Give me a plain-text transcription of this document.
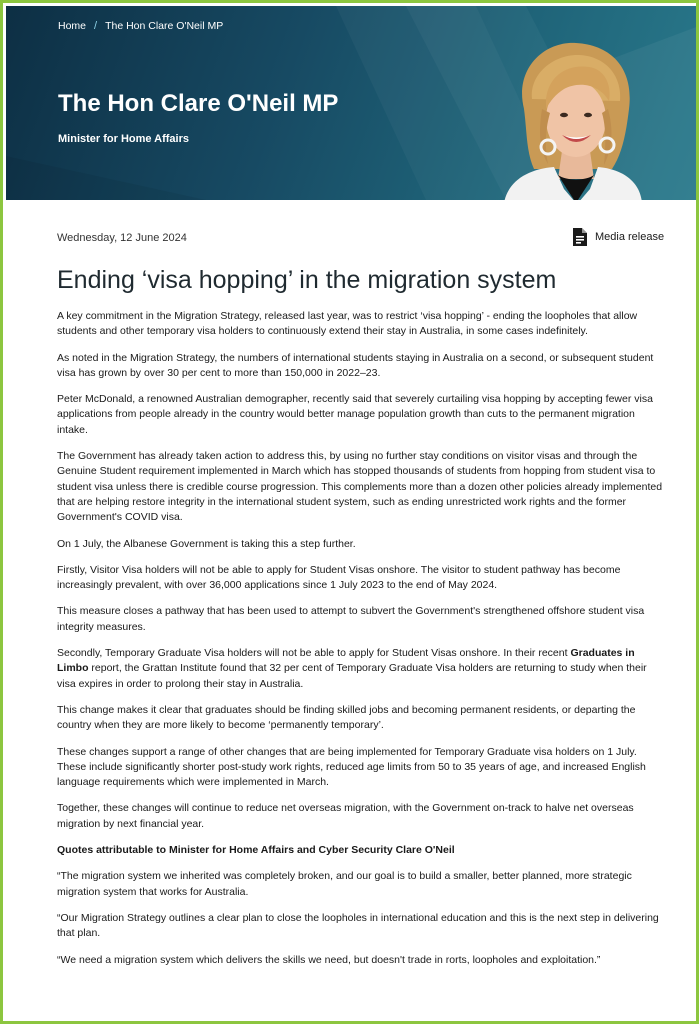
Home / The Hon Clare O'Neil MP
The Hon Clare O'Neil MP
Minister for Home Affairs
Wednesday, 12 June 2024	Media release
Ending ‘visa hopping’ in the migration system

A key commitment in the Migration Strategy, released last year, was to restrict ‘visa hopping’ - ending the loopholes that allow students and other temporary visa holders to continuously extend their stay in Australia, in some cases indefinitely.

As noted in the Migration Strategy, the numbers of international students staying in Australia on a second, or subsequent student visa has grown by over 30 per cent to more than 150,000 in 2022–23.

Peter McDonald, a renowned Australian demographer, recently said that severely curtailing visa hopping by accepting fewer visa applications from people already in the country would better manage population growth than cuts to the permanent migration intake.

The Government has already taken action to address this, by using no further stay conditions on visitor visas and through the Genuine Student requirement implemented in March which has stopped thousands of students from hopping from student visa to student visa unless there is credible course progression. This complements more than a dozen other policies already implemented that are helping restore integrity in the international student system, such as ending unrestricted work rights and the former Government's COVID visa.

On 1 July, the Albanese Government is taking this a step further.

Firstly, Visitor Visa holders will not be able to apply for Student Visas onshore. The visitor to student pathway has become increasingly prevalent, with over 36,000 applications since 1 July 2023 to the end of May 2024.

This measure closes a pathway that has been used to attempt to subvert the Government's strengthened offshore student visa integrity measures.

Secondly, Temporary Graduate Visa holders will not be able to apply for Student Visas onshore. In their recent Graduates in Limbo report, the Grattan Institute found that 32 per cent of Temporary Graduate Visa holders are returning to study when their visa expires in order to prolong their stay in Australia.

This change makes it clear that graduates should be finding skilled jobs and becoming permanent residents, or departing the country when they are more likely to become ‘permanently temporary’.

These changes support a range of other changes that are being implemented for Temporary Graduate visa holders on 1 July. These include significantly shorter post-study work rights, reduced age limits from 50 to 35 years of age, and increased English language requirements which were implemented in March.

Together, these changes will continue to reduce net overseas migration, with the Government on-track to halve net overseas migration by next financial year.

Quotes attributable to Minister for Home Affairs and Cyber Security Clare O'Neil

“The migration system we inherited was completely broken, and our goal is to build a smaller, better planned, more strategic migration system that works for Australia.

“Our Migration Strategy outlines a clear plan to close the loopholes in international education and this is the next step in delivering that plan.

“We need a migration system which delivers the skills we need, but doesn't trade in rorts, loopholes and exploitation.”
